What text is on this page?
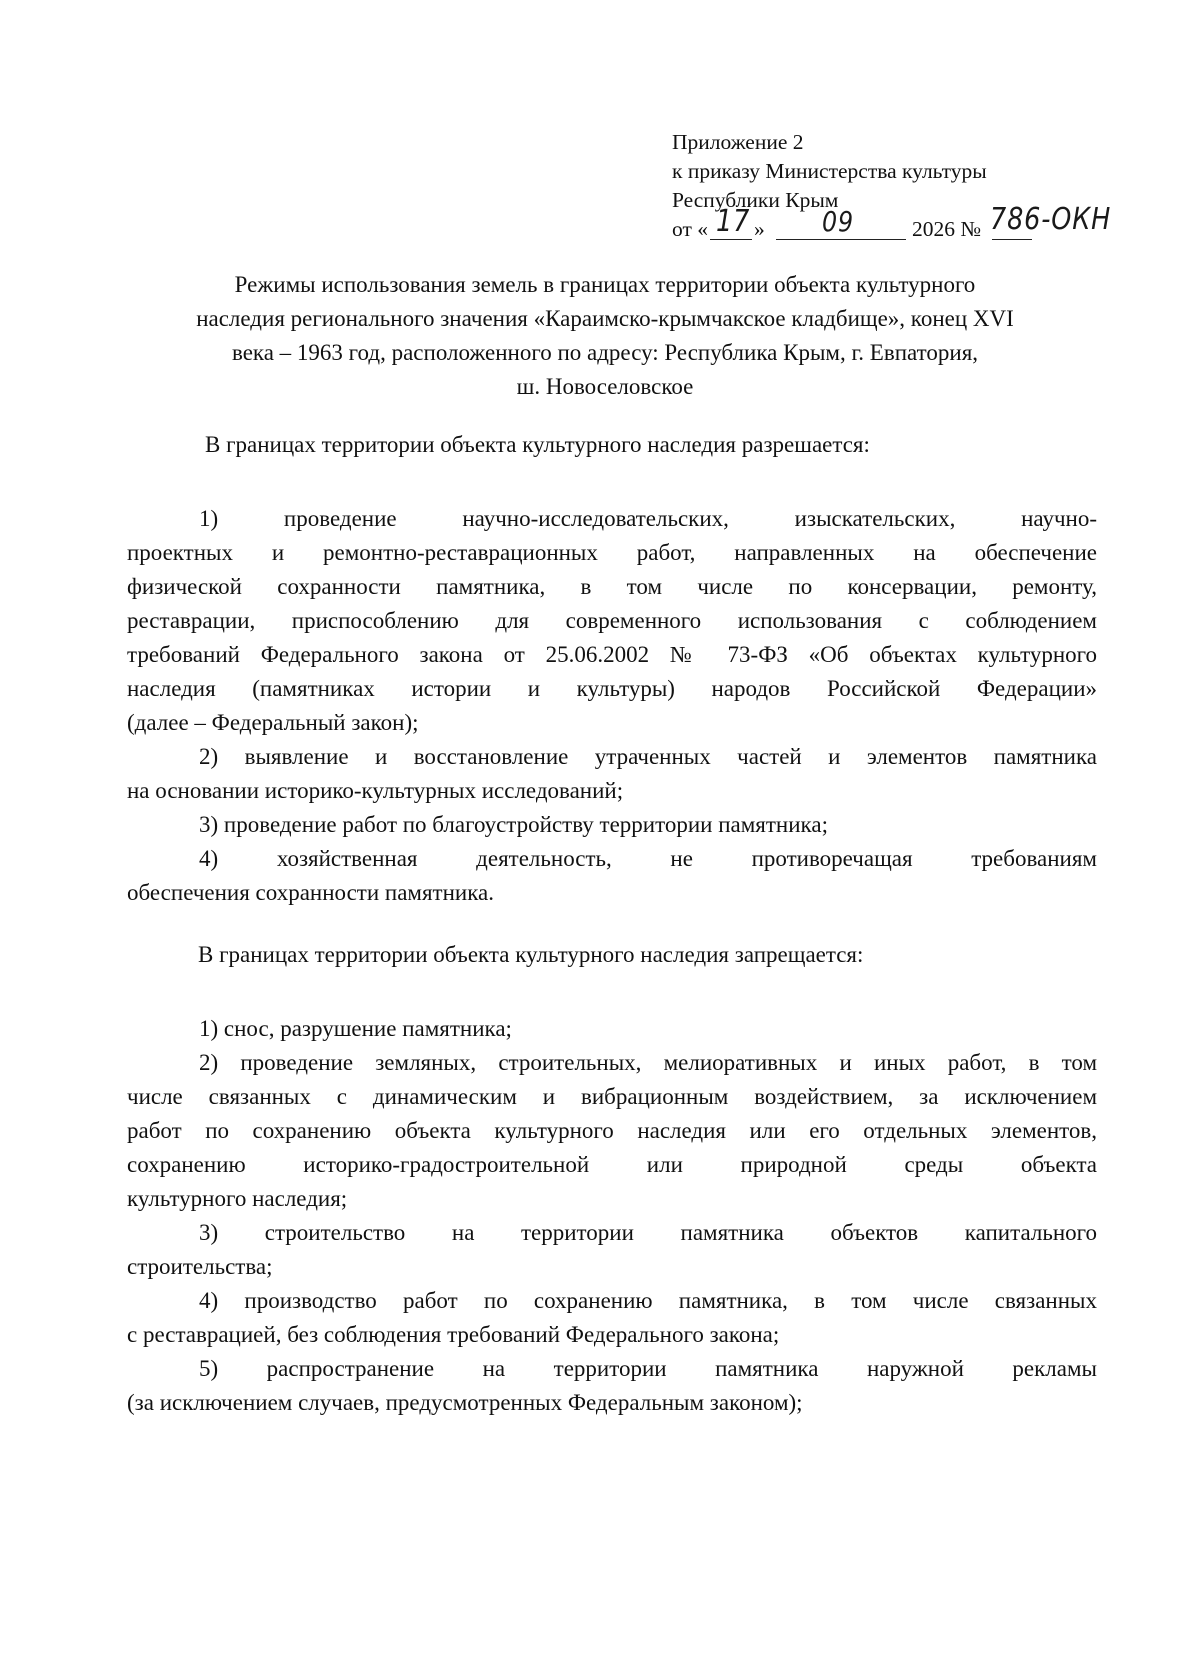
Приложение 2
к приказу Министерства культуры
Республики Крым
от « 17 » 09	2026 № 786-ОКН
Режимы использования земель в границах территории объекта культурного
наследия регионального значения «Караимско-крымчакское кладбище», конец XVI
века – 1963 год, расположенного по адресу: Республика Крым, г. Евпатория,
ш. Новоселовское
В границах территории объекта культурного наследия разрешается:
1) проведение научно-исследовательских, изыскательских, научно-
проектных и ремонтно-реставрационных работ, направленных на обеспечение
физической сохранности памятника, в том числе по консервации, ремонту,
реставрации, приспособлению для современного использования с соблюдением
требований Федерального закона от 25.06.2002 № 73-ФЗ «Об объектах культурного
наследия (памятниках истории и культуры) народов Российской Федерации»
(далее – Федеральный закон);
2) выявление и восстановление утраченных частей и элементов памятника
на основании историко-культурных исследований;
3) проведение работ по благоустройству территории памятника;
4) хозяйственная деятельность, не противоречащая требованиям
обеспечения сохранности памятника.
В границах территории объекта культурного наследия запрещается:
1) снос, разрушение памятника;
2) проведение земляных, строительных, мелиоративных и иных работ, в том
числе связанных с динамическим и вибрационным воздействием, за исключением
работ по сохранению объекта культурного наследия или его отдельных элементов,
сохранению историко-градостроительной или природной среды объекта
культурного наследия;
3) строительство на территории памятника объектов капитального
строительства;
4) производство работ по сохранению памятника, в том числе связанных
с реставрацией, без соблюдения требований Федерального закона;
5) распространение на территории памятника наружной рекламы
(за исключением случаев, предусмотренных Федеральным законом);
